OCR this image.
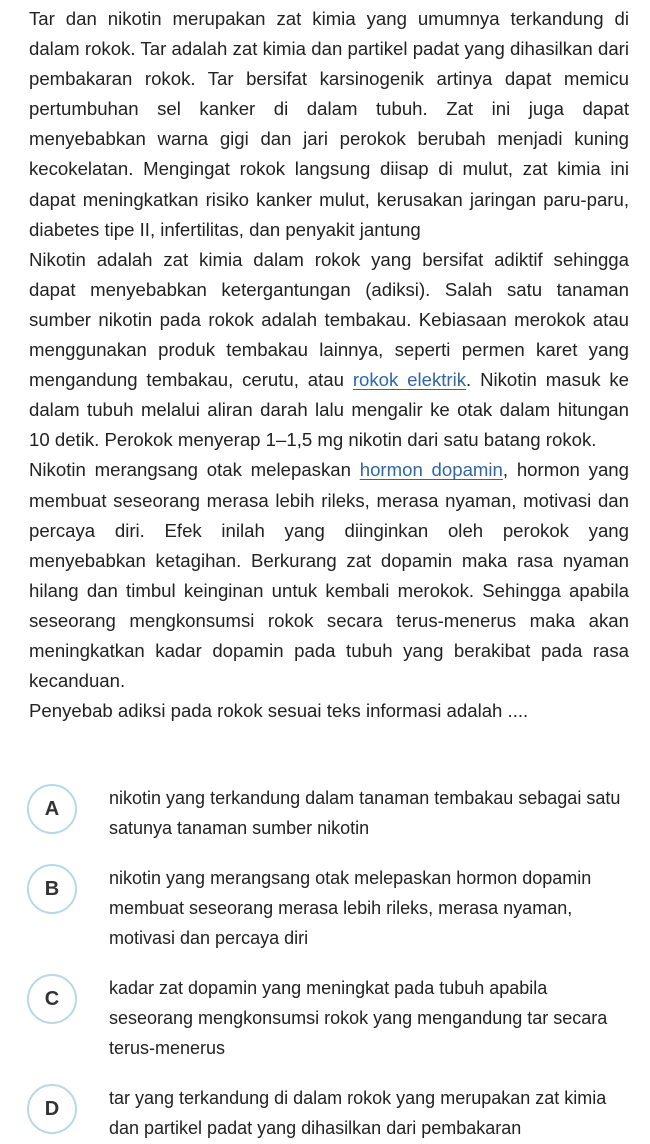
Tar dan nikotin merupakan zat kimia yang umumnya terkandung di dalam rokok. Tar adalah zat kimia dan partikel padat yang dihasilkan dari pembakaran rokok. Tar bersifat karsinogenik artinya dapat memicu pertumbuhan sel kanker di dalam tubuh. Zat ini juga dapat menyebabkan warna gigi dan jari perokok berubah menjadi kuning kecokelatan. Mengingat rokok langsung diisap di mulut, zat kimia ini dapat meningkatkan risiko kanker mulut, kerusakan jaringan paru-paru, diabetes tipe II, infertilitas, dan penyakit jantung

Nikotin adalah zat kimia dalam rokok yang bersifat adiktif sehingga dapat menyebabkan ketergantungan (adiksi). Salah satu tanaman sumber nikotin pada rokok adalah tembakau. Kebiasaan merokok atau menggunakan produk tembakau lainnya, seperti permen karet yang mengandung tembakau, cerutu, atau rokok elektrik. Nikotin masuk ke dalam tubuh melalui aliran darah lalu mengalir ke otak dalam hitungan 10 detik. Perokok menyerap 1–1,5 mg nikotin dari satu batang rokok.

Nikotin merangsang otak melepaskan hormon dopamin, hormon yang membuat seseorang merasa lebih rileks, merasa nyaman, motivasi dan percaya diri. Efek inilah yang diinginkan oleh perokok yang menyebabkan ketagihan. Berkurang zat dopamin maka rasa nyaman hilang dan timbul keinginan untuk kembali merokok. Sehingga apabila seseorang mengkonsumsi rokok secara terus-menerus maka akan meningkatkan kadar dopamin pada tubuh yang berakibat pada rasa kecanduan.

Penyebab adiksi pada rokok sesuai teks informasi adalah ....

A	nikotin yang terkandung dalam tanaman tembakau sebagai satu satunya tanaman sumber nikotin
B	nikotin yang merangsang otak melepaskan hormon dopamin membuat seseorang merasa lebih rileks, merasa nyaman, motivasi dan percaya diri
C	kadar zat dopamin yang meningkat pada tubuh apabila seseorang mengkonsumsi rokok yang mengandung tar secara terus-menerus
D	tar yang terkandung di dalam rokok yang merupakan zat kimia dan partikel padat yang dihasilkan dari pembakaran
